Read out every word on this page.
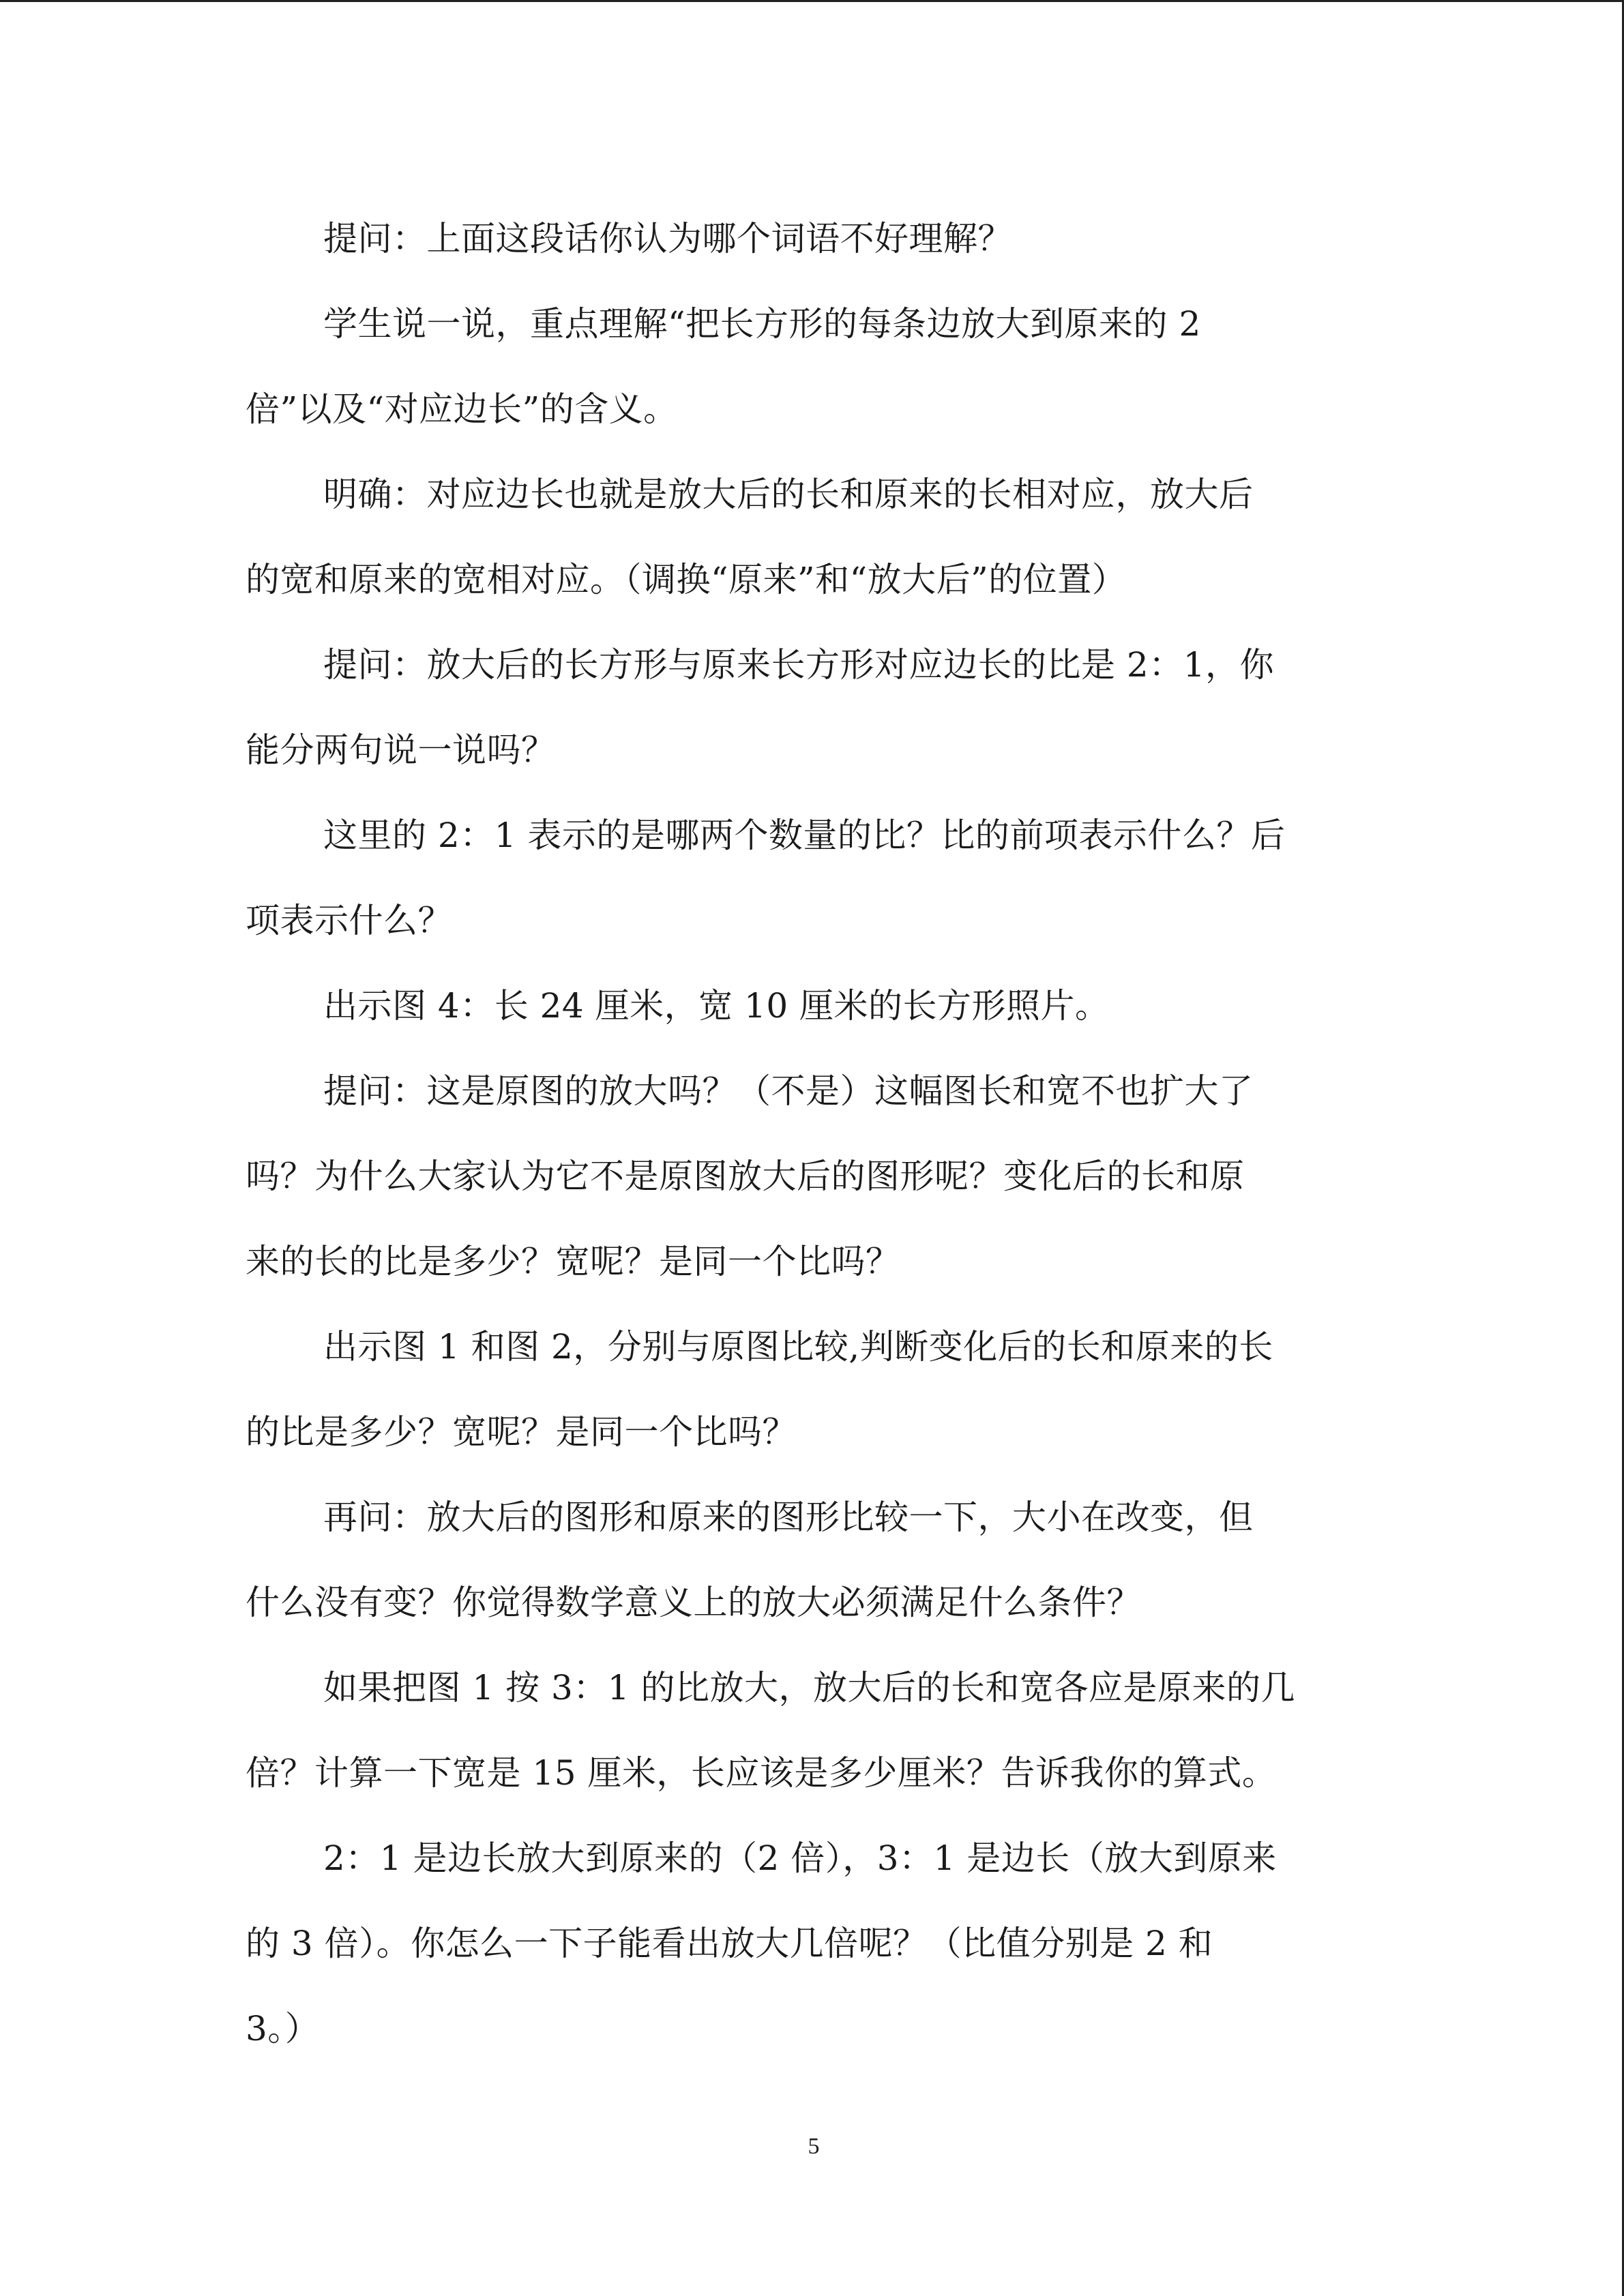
提问：上面这段话你认为哪个词语不好理解？
学生说一说，重点理解“把长方形的每条边放大到原来的 2
倍”以及“对应边长”的含义。
明确：对应边长也就是放大后的长和原来的长相对应，放大后
的宽和原来的宽相对应。（调换“原来”和“放大后”的位置）
提问：放大后的长方形与原来长方形对应边长的比是 2：1，你
能分两句说一说吗？
这里的 2：1 表示的是哪两个数量的比？比的前项表示什么？后
项表示什么？
出示图 4：长 24 厘米，宽 10 厘米的长方形照片。
提问：这是原图的放大吗？（不是）这幅图长和宽不也扩大了
吗？为什么大家认为它不是原图放大后的图形呢？变化后的长和原
来的长的比是多少？宽呢？是同一个比吗？
出示图 1 和图 2，分别与原图比较,判断变化后的长和原来的长
的比是多少？宽呢？是同一个比吗？
再问：放大后的图形和原来的图形比较一下，大小在改变，但
什么没有变？你觉得数学意义上的放大必须满足什么条件？
如果把图 1 按 3：1 的比放大，放大后的长和宽各应是原来的几
倍？计算一下宽是 15 厘米，长应该是多少厘米？告诉我你的算式。
2：1 是边长放大到原来的（2 倍），3：1 是边长（放大到原来
的 3 倍）。你怎么一下子能看出放大几倍呢？（比值分别是 2 和
3。）
5
